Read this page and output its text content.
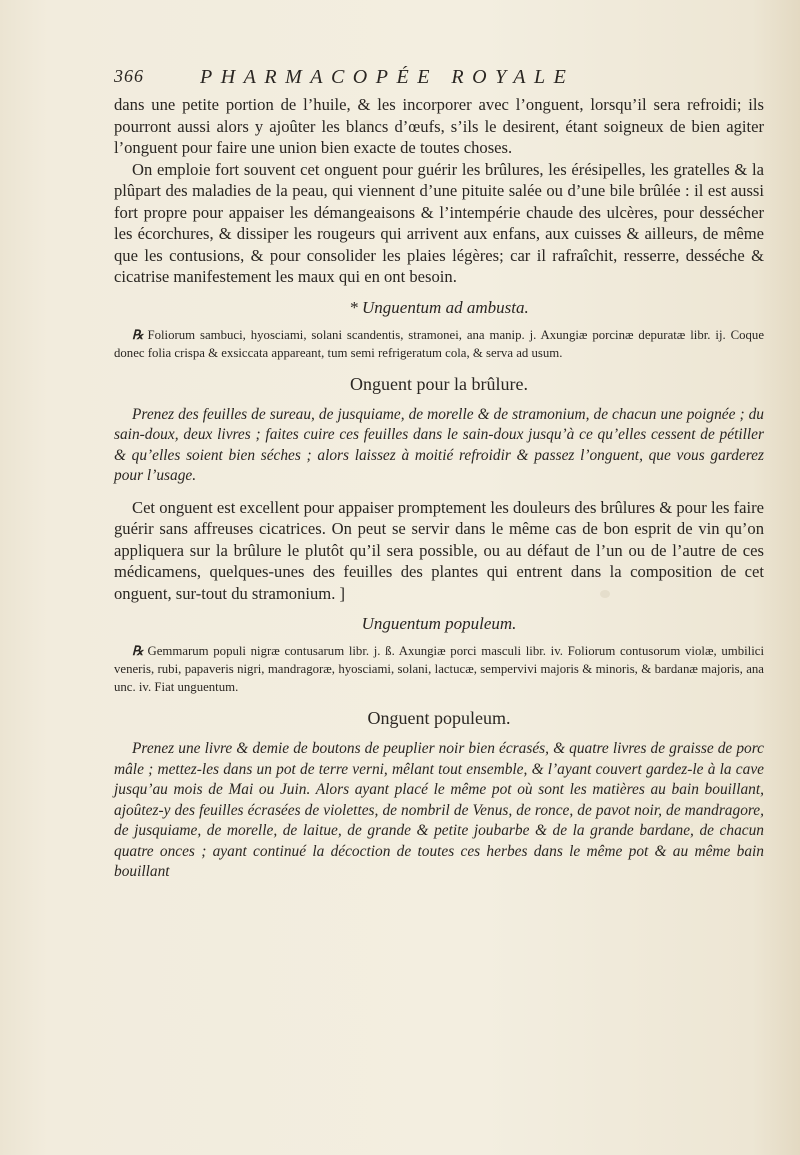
366	PHARMACOPÉE ROYALE

dans une petite portion de l’huile, & les incorporer avec l’onguent, lorsqu’il sera refroidi; ils pourront aussi alors y ajoûter les blancs d’œufs, s’ils le desirent, étant soigneux de bien agiter l’onguent pour faire une union bien exacte de toutes choses.

On emploie fort souvent cet onguent pour guérir les brûlures, les érésipelles, les gratelles & la plûpart des maladies de la peau, qui viennent d’une pituite salée ou d’une bile brûlée : il est aussi fort propre pour appaiser les démangeaisons & l’intempérie chaude des ulcères, pour dessécher les écorchures, & dissiper les rougeurs qui arrivent aux enfans, aux cuisses & ailleurs, de même que les contusions, & pour consolider les plaies légères; car il rafraîchit, resserre, desséche & cicatrise manifestement les maux qui en ont besoin.

* Unguentum ad ambusta.

℞ Foliorum sambuci, hyosciami, solani scandentis, stramonei, ana manip. j. Axungiæ porcinæ depuratæ libr. ij. Coque donec folia crispa & exsiccata appareant, tum semi refrigeratum cola, & serva ad usum.

Onguent pour la brûlure.

Prenez des feuilles de sureau, de jusquiame, de morelle & de stramonium, de chacun une poignée ; du sain-doux, deux livres ; faites cuire ces feuilles dans le sain-doux jusqu’à ce qu’elles cessent de pétiller & qu’elles soient bien séches ; alors laissez à moitié refroidir & passez l’onguent, que vous garderez pour l’usage.

Cet onguent est excellent pour appaiser promptement les douleurs des brûlures & pour les faire guérir sans affreuses cicatrices. On peut se servir dans le même cas de bon esprit de vin qu’on appliquera sur la brûlure le plutôt qu’il sera possible, ou au défaut de l’un ou de l’autre de ces médicamens, quelques-unes des feuilles des plantes qui entrent dans la composition de cet onguent, sur-tout du stramonium. ]

Unguentum populeum.

℞ Gemmarum populi nigræ contusarum libr. j. ß. Axungiæ porci masculi libr. iv. Foliorum contusorum violæ, umbilici veneris, rubi, papaveris nigri, mandragoræ, hyosciami, solani, lactucæ, sempervivi majoris & minoris, & bardanæ majoris, ana unc. iv. Fiat unguentum.

Onguent populeum.

Prenez une livre & demie de boutons de peuplier noir bien écrasés, & quatre livres de graisse de porc mâle ; mettez-les dans un pot de terre verni, mêlant tout ensemble, & l’ayant couvert gardez-le à la cave jusqu’au mois de Mai ou Juin. Alors ayant placé le même pot où sont les matières au bain bouillant, ajoûtez-y des feuilles écrasées de violettes, de nombril de Venus, de ronce, de pavot noir, de mandragore, de jusquiame, de morelle, de laitue, de grande & petite joubarbe & de la grande bardane, de chacun quatre onces ; ayant continué la décoction de toutes ces herbes dans le même pot & au même bain bouillant
